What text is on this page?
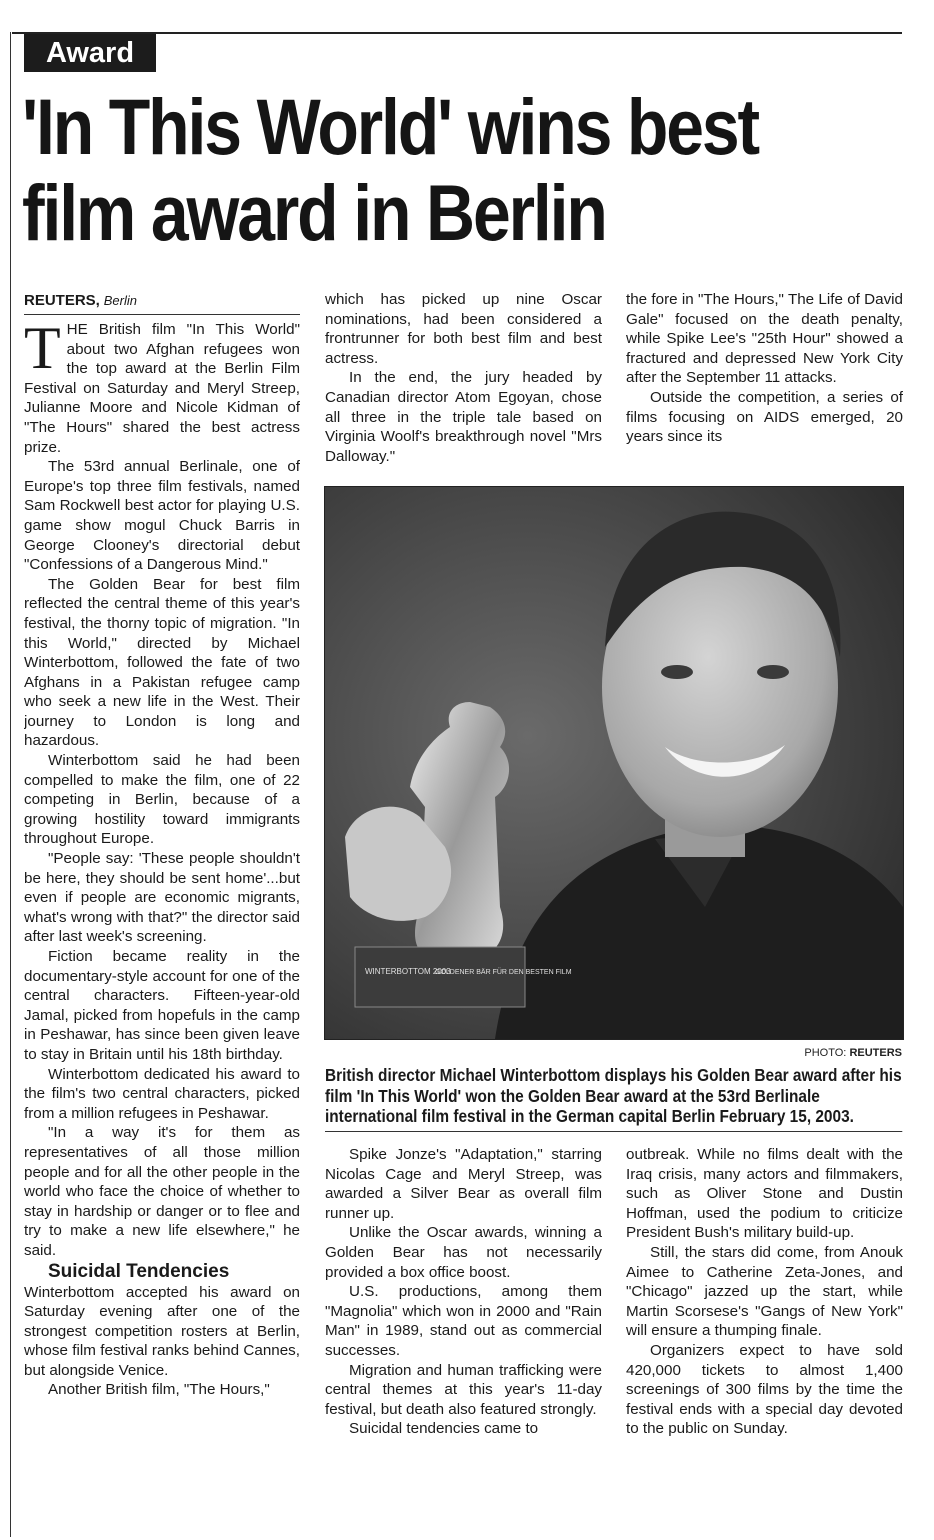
Award
'In This World' wins best film award in Berlin
REUTERS, Berlin

THE British film "In This World" about two Afghan refugees won the top award at the Berlin Film Festival on Saturday and Meryl Streep, Julianne Moore and Nicole Kidman of "The Hours" shared the best actress prize.

The 53rd annual Berlinale, one of Europe's top three film festivals, named Sam Rockwell best actor for playing U.S. game show mogul Chuck Barris in George Clooney's directorial debut "Confessions of a Dangerous Mind."

The Golden Bear for best film reflected the central theme of this year's festival, the thorny topic of migration. "In this World," directed by Michael Winterbottom, followed the fate of two Afghans in a Pakistan refugee camp who seek a new life in the West. Their journey to London is long and hazardous.

Winterbottom said he had been compelled to make the film, one of 22 competing in Berlin, because of a growing hostility toward immigrants throughout Europe.

"People say: 'These people shouldn't be here, they should be sent home'...but even if people are economic migrants, what's wrong with that?" the director said after last week's screening.

Fiction became reality in the documentary-style account for one of the central characters. Fifteen-year-old Jamal, picked from hopefuls in the camp in Peshawar, has since been given leave to stay in Britain until his 18th birthday.

Winterbottom dedicated his award to the film's two central characters, picked from a million refugees in Peshawar.

"In a way it's for them as representatives of all those million people and for all the other people in the world who face the choice of whether to stay in hardship or danger or to flee and try to make a new life elsewhere," he said.

Suicidal Tendencies

Winterbottom accepted his award on Saturday evening after one of the strongest competition rosters at Berlin, whose film festival ranks behind Cannes, but alongside Venice.

Another British film, "The Hours,"

which has picked up nine Oscar nominations, had been considered a frontrunner for both best film and best actress.

In the end, the jury headed by Canadian director Atom Egoyan, chose all three in the triple tale based on Virginia Woolf's breakthrough novel "Mrs Dalloway."

the fore in "The Hours," The Life of David Gale" focused on the death penalty, while Spike Lee's "25th Hour" showed a fractured and depressed New York City after the September 11 attacks.

Outside the competition, a series of films focusing on AIDS emerged, 20 years since its

WINTERBOTTOM 2003
GOLDENER BÄR FÜR DEN BESTEN FILM
PHOTO: REUTERS

British director Michael Winterbottom displays his Golden Bear award after his film 'In This World' won the Golden Bear award at the 53rd Berlinale international film festival in the German capital Berlin February 15, 2003.

Spike Jonze's "Adaptation," starring Nicolas Cage and Meryl Streep, was awarded a Silver Bear as overall film runner up.

Unlike the Oscar awards, winning a Golden Bear has not necessarily provided a box office boost.

U.S. productions, among them "Magnolia" which won in 2000 and "Rain Man" in 1989, stand out as commercial successes.

Migration and human trafficking were central themes at this year's 11-day festival, but death also featured strongly.

Suicidal tendencies came to

outbreak. While no films dealt with the Iraq crisis, many actors and filmmakers, such as Oliver Stone and Dustin Hoffman, used the podium to criticize President Bush's military build-up.

Still, the stars did come, from Anouk Aimee to Catherine Zeta-Jones, and "Chicago" jazzed up the start, while Martin Scorsese's "Gangs of New York" will ensure a thumping finale.

Organizers expect to have sold 420,000 tickets to almost 1,400 screenings of 300 films by the time the festival ends with a special day devoted to the public on Sunday.
